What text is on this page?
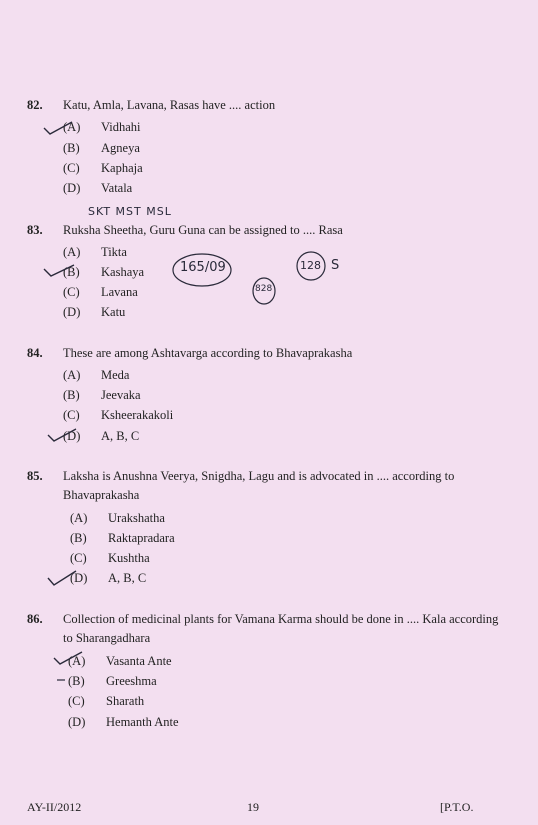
82. Katu, Amla, Lavana, Rasas have .... action
(A)	Vidhahi
(B)	Agneya
(C)	Kaphaja
(D)	Vatala
SKT MST MSL
83. Ruksha Sheetha, Guru Guna can be assigned to .... Rasa
(A)	Tikta
(B)	Kashaya
(C)	Lavana
(D)	Katu
165/09
828
128 S
84. These are among Ashtavarga according to Bhavaprakasha
(A)	Meda
(B)	Jeevaka
(C)	Ksheerakakoli
(D)	A, B, C
85. Laksha is Anushna Veerya, Snigdha, Lagu and is advocated in .... according to Bhavaprakasha
(A)	Urakshatha
(B)	Raktapradara
(C)	Kushtha
(D)	A, B, C
86. Collection of medicinal plants for Vamana Karma should be done in .... Kala according to Sharangadhara
(A)	Vasanta Ante
(B)	Greeshma
(C)	Sharath
(D)	Hemanth Ante
AY-II/2012	19	[P.T.O.
